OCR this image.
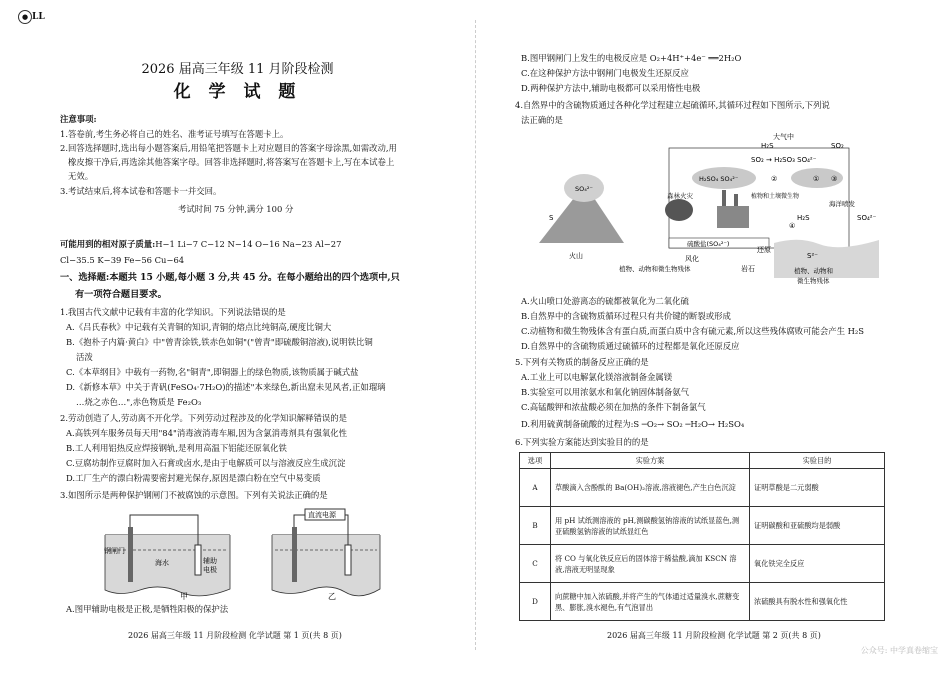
● LL
2026 届高三年级 11 月阶段检测
化 学 试 题
注意事项:
1.答卷前,考生务必将自己的姓名、准考证号填写在答题卡上。
2.回答选择题时,选出每小题答案后,用铅笔把答题卡上对应题目的答案字母涂黑,如需改动,用
橡皮擦干净后,再选涂其他答案字母。回答非选择题时,将答案写在答题卡上,写在本试卷上
无效。
3.考试结束后,将本试卷和答题卡一并交回。
考试时间 75 分钟,满分 100 分
可能用到的相对原子质量:H−1 Li−7 C−12 N−14 O−16 Na−23 Al−27
Cl−35.5 K−39 Fe−56 Cu−64
一、选择题:本题共 15 小题,每小题 3 分,共 45 分。在每小题给出的四个选项中,只
有一项符合题目要求。
1.我国古代文献中记载有丰富的化学知识。下列说法错误的是
A.《吕氏春秋》中记载有关青铜的知识,青铜的熔点比纯铜高,硬度比铜大
B.《抱朴子内篇·黄白》中"曾青涂铁,铁赤色如铜"("曾青"即硫酸铜溶液),说明铁比铜
活泼
C.《本草纲目》中载有一药物,名"铜青",即铜器上的绿色物质,该物质属于碱式盐
D.《新修本草》中关于青矾(FeSO₄·7H₂O)的描述"本来绿色,新出窟未见风者,正如瑠璃
…烧之赤色…",赤色物质是 Fe₂O₃
2.劳动创造了人,劳动离不开化学。下列劳动过程涉及的化学知识解释错误的是
A.高铁列车服务员每天用"84"消毒液消毒车厢,因为含氯消毒剂具有强氧化性
B.工人利用铝热反应焊接钢轨,是利用高温下铝能还原氧化铁
C.豆腐坊制作豆腐时加入石膏或卤水,是由于电解质可以与溶液反应生成沉淀
D.工厂生产的漂白粉需要密封避光保存,原因是漂白粉在空气中易变质
3.如图所示是两种保护钢闸门不被腐蚀的示意图。下列有关说法正确的是
钢闸门
海水	辅助
电极
直流电源
甲	乙
A.图甲辅助电极是正极,是牺牲阳极的保护法
2026 届高三年级 11 月阶段检测 化学试题 第 1 页(共 8 页)
B.图甲钢闸门上发生的电极反应是 O₂+4H⁺+4e⁻ ══2H₂O
C.在这种保护方法中钢闸门电极发生还原反应
D.两种保护方法中,辅助电极都可以采用惰性电极
4.自然界中的含硫物质通过各种化学过程建立起硫循环,其循环过程如下图所示,下列说
法正确的是
大气中
H₂S
SO₂ → H₂SO₃ SO₄²⁻
SO₂
H₂SO₄ SO₄²⁻	①
②	③
④
SO₄²⁻
S
火山
森林火灾	植物和土壤微生物
海洋喷发
H₂S	SO₄²⁻
硫酸盐(SO₄²⁻)
风化
岩石
还原
S²⁻
植物、动物和微生物残体	植物、动物和
微生物残体
A.火山喷口处游离态的硫都被氧化为二氧化硫
B.自然界中的含硫物质循环过程只有共价键的断裂或形成
C.动植物和微生物残体含有蛋白质,而蛋白质中含有硫元素,所以这些残体腐败可能会产生 H₂S
D.自然界中的含硫物质通过硫循环的过程都是氧化还原反应
5.下列有关物质的制备反应正确的是
A.工业上可以电解氯化镁溶液制备金属镁
B.实验室可以用浓氨水和氧化钠固体制备氨气
C.高锰酸钾和浓盐酸必须在加热的条件下制备氯气
D.利用硫黄制备硫酸的过程为:S ─O₂→ SO₂ ─H₂O→ H₂SO₄
6.下列实验方案能达到实验目的的是
2026 届高三年级 11 月阶段检测 化学试题 第 2 页(共 8 页)
公众号: 中学真卷缩宝
选项	实验方案	实验目的
A	草酸滴入含酚酞的 Ba(OH)₂溶液,溶液褪色,产生白色沉淀	证明草酸是二元弱酸
B	用 pH 试纸测溶液的 pH,测碳酸氢钠溶液的试纸显蓝色,测亚硫酸氢钠溶液的试纸显红色	证明碳酸和亚硫酸均是弱酸
C	将 CO 与氧化铁反应后的固体溶于稀盐酸,滴加 KSCN 溶液,溶液无明显现象	氧化铁完全反应
D	向蔗糖中加入浓硫酸,并将产生的气体通过适量溴水,蔗糖变黑、膨胀,溴水褪色,有气泡冒出	浓硫酸具有脱水性和强氧化性
